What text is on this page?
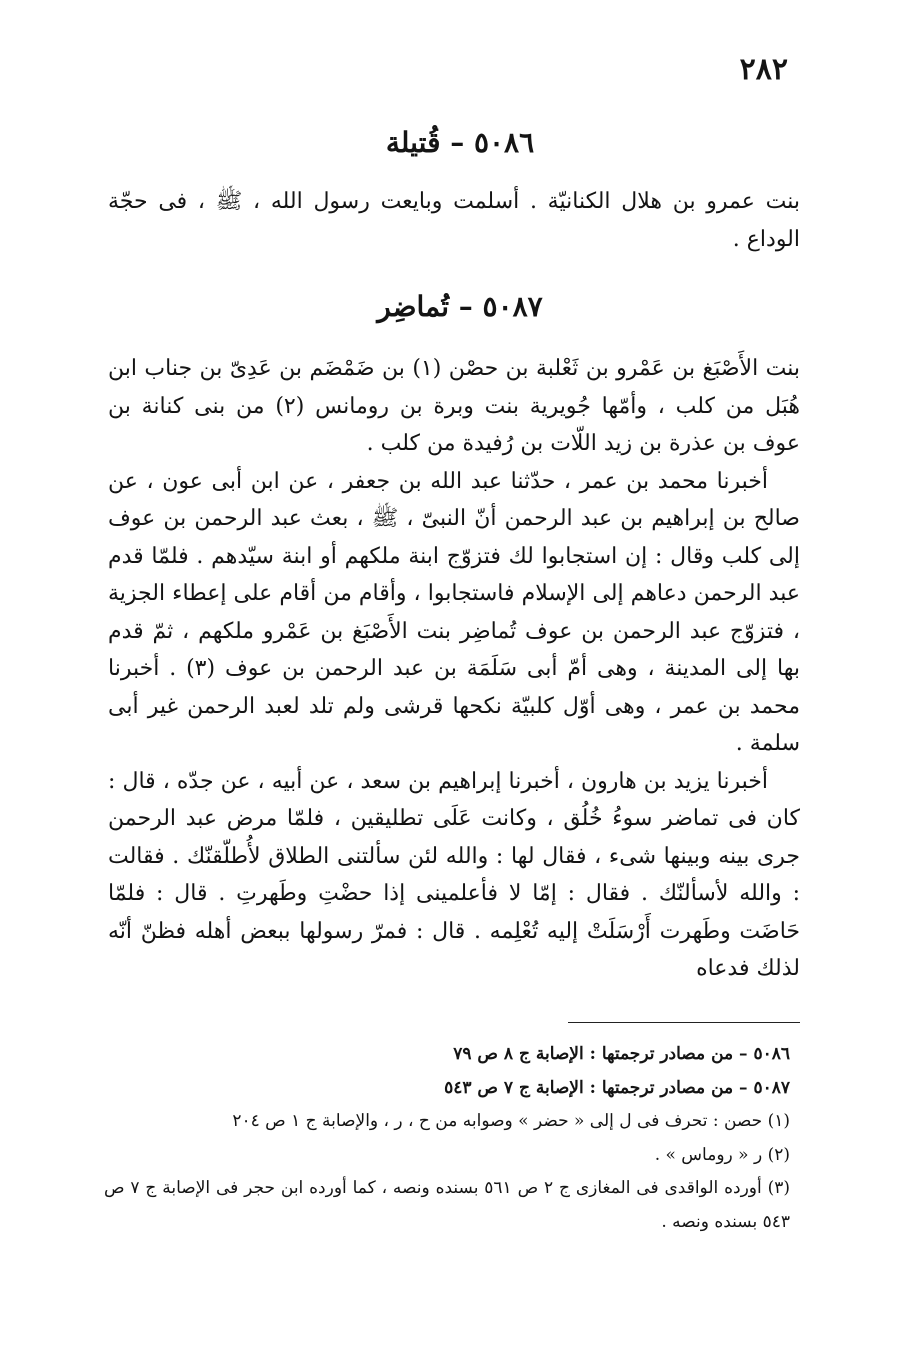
٢٨٢
٥٠٨٦ – قُتيلة

بنت عمرو بن هلال الكنانيّة . أسلمت وبايعت رسول الله ، ﷺ ، فى حجّة الوداع .

٥٠٨٧ – تُماضِر

بنت الأَصْبَغ بن عَمْرو بن ثَعْلبة بن حصْن (١) بن ضَمْضَم بن عَدِىّ بن جناب ابن هُبَل من كلب ، وأمّها جُويرية بنت وبرة بن رومانس (٢) من بنى كنانة بن عوف بن عذرة بن زيد اللّات بن رُفيدة من كلب .

أخبرنا محمد بن عمر ، حدّثنا عبد الله بن جعفر ، عن ابن أبى عون ، عن صالح بن إبراهيم بن عبد الرحمن أنّ النبىّ ، ﷺ ، بعث عبد الرحمن بن عوف إلى كلب وقال : إن استجابوا لك فتزوّج ابنة ملكهم أو ابنة سيّدهم . فلمّا قدم عبد الرحمن دعاهم إلى الإسلام فاستجابوا ، وأقام من أقام على إعطاء الجزية ، فتزوّج عبد الرحمن بن عوف تُماضِر بنت الأَصْبَغ بن عَمْرو ملكهم ، ثمّ قدم بها إلى المدينة ، وهى أمّ أبى سَلَمَة بن عبد الرحمن بن عوف (٣) . أخبرنا محمد بن عمر ، وهى أوّل كلبيّة نكحها قرشى ولم تلد لعبد الرحمن غير أبى سلمة .

أخبرنا يزيد بن هارون ، أخبرنا إبراهيم بن سعد ، عن أبيه ، عن جدّه ، قال : كان فى تماضر سوءُ خُلُق ، وكانت عَلَى تطليقين ، فلمّا مرض عبد الرحمن جرى بينه وبينها شىء ، فقال لها : والله لئن سألتنى الطلاق لأُطلّقنّك . فقالت : والله لأسألنّك . فقال : إمّا لا فأعلمينى إذا حضْتِ وطَهرتِ . قال : فلمّا حَاضَت وطَهرت أَرْسَلَتْ إليه تُعْلِمه . قال : فمرّ رسولها ببعض أهله فظنّ أنّه لذلك فدعاه

٥٠٨٦ – من مصادر ترجمتها : الإصابة ج ٨ ص ٧٩

٥٠٨٧ – من مصادر ترجمتها : الإصابة ج ٧ ص ٥٤٣

(١) حصن : تحرف فى ل إلى « حضر » وصوابه من ح ، ر ، والإصابة ج ١ ص ٢٠٤

(٢) ر « روماس » .

(٣) أورده الواقدى فى المغازى ج ٢ ص ٥٦١ بسنده ونصه ، كما أورده ابن حجر فى الإصابة ج ٧ ص ٥٤٣ بسنده ونصه .
